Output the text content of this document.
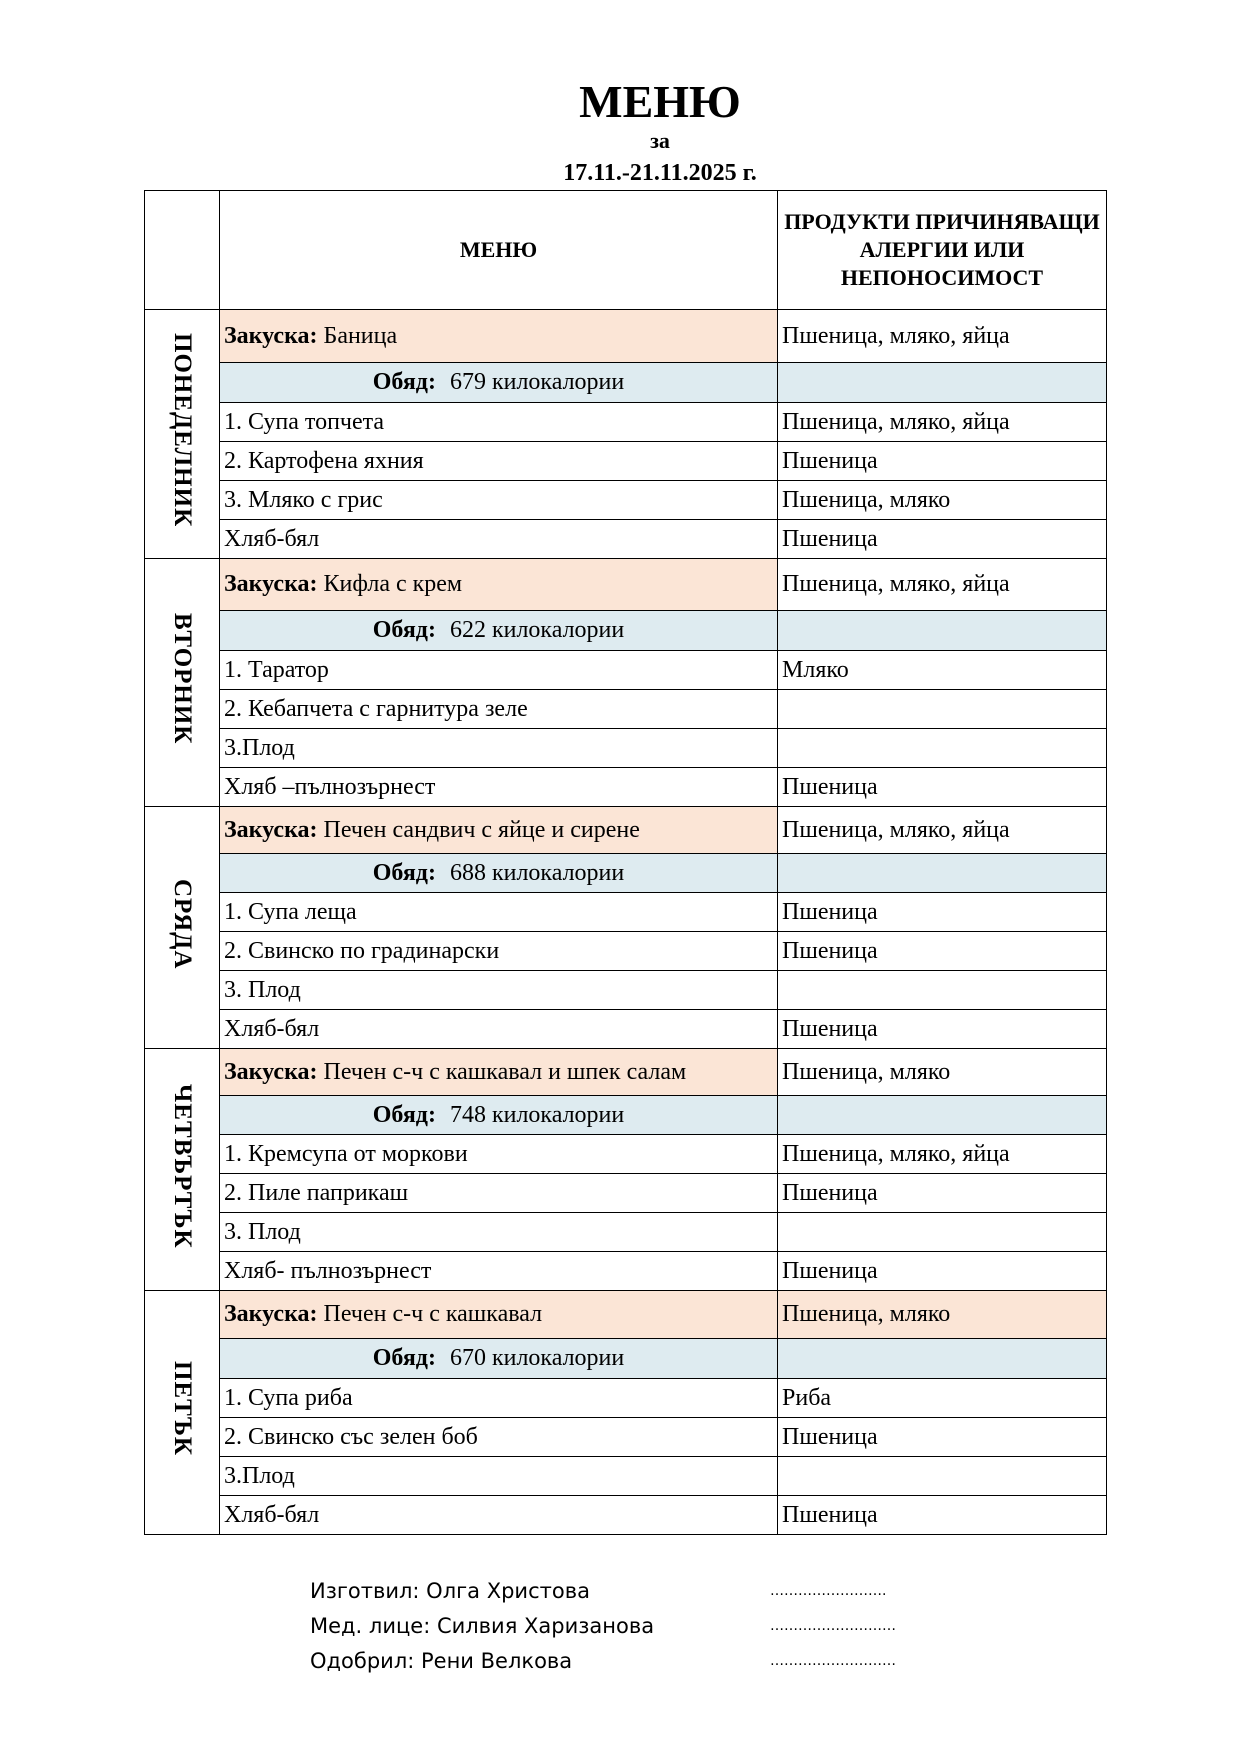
МЕНЮ
за
17.11.-21.11.2025 г.
	МЕНЮ	ПРОДУКТИ ПРИЧИНЯВАЩИ АЛЕРГИИ ИЛИ НЕПОНОСИМОСТ
ПОНЕДЕЛНИК	Закуска: Баница	Пшеница, мляко, яйца
	Обяд: 679 килокалории	
	1. Супа топчета	Пшеница, мляко, яйца
	2. Картофена яхния	Пшеница
	3. Мляко с грис	Пшеница, мляко
	Хляб-бял	Пшеница
ВТОРНИК	Закуска: Кифла с крем	Пшеница, мляко, яйца
	Обяд: 622 килокалории	
	1. Таратор	Мляко
	2. Кебапчета с гарнитура зеле	
	3.Плод	
	Хляб –пълнозърнест	Пшеница
СРЯДА	Закуска: Печен сандвич с яйце и сирене	Пшеница, мляко, яйца
	Обяд: 688 килокалории	
	1. Супа леща	Пшеница
	2. Свинско по градинарски	Пшеница
	3. Плод	
	Хляб-бял	Пшеница
ЧЕТВЪРТЪК	Закуска: Печен с-ч с кашкавал и шпек салам	Пшеница, мляко
	Обяд: 748 килокалории	
	1. Кремсупа от моркови	Пшеница, мляко, яйца
	2. Пиле паприкаш	Пшеница
	3. Плод	
	Хляб- пълнозърнест	Пшеница
ПЕТЪК	Закуска: Печен с-ч с кашкавал	Пшеница, мляко
	Обяд: 670 килокалории	
	1. Супа риба	Риба
	2. Свинско със зелен боб	Пшеница
	3.Плод	
	Хляб-бял	Пшеница
Изготвил: Олга Христова	…………………….
Мед. лице: Силвия Харизанова	………………………
Одобрил: Рени Велкова	………………………
